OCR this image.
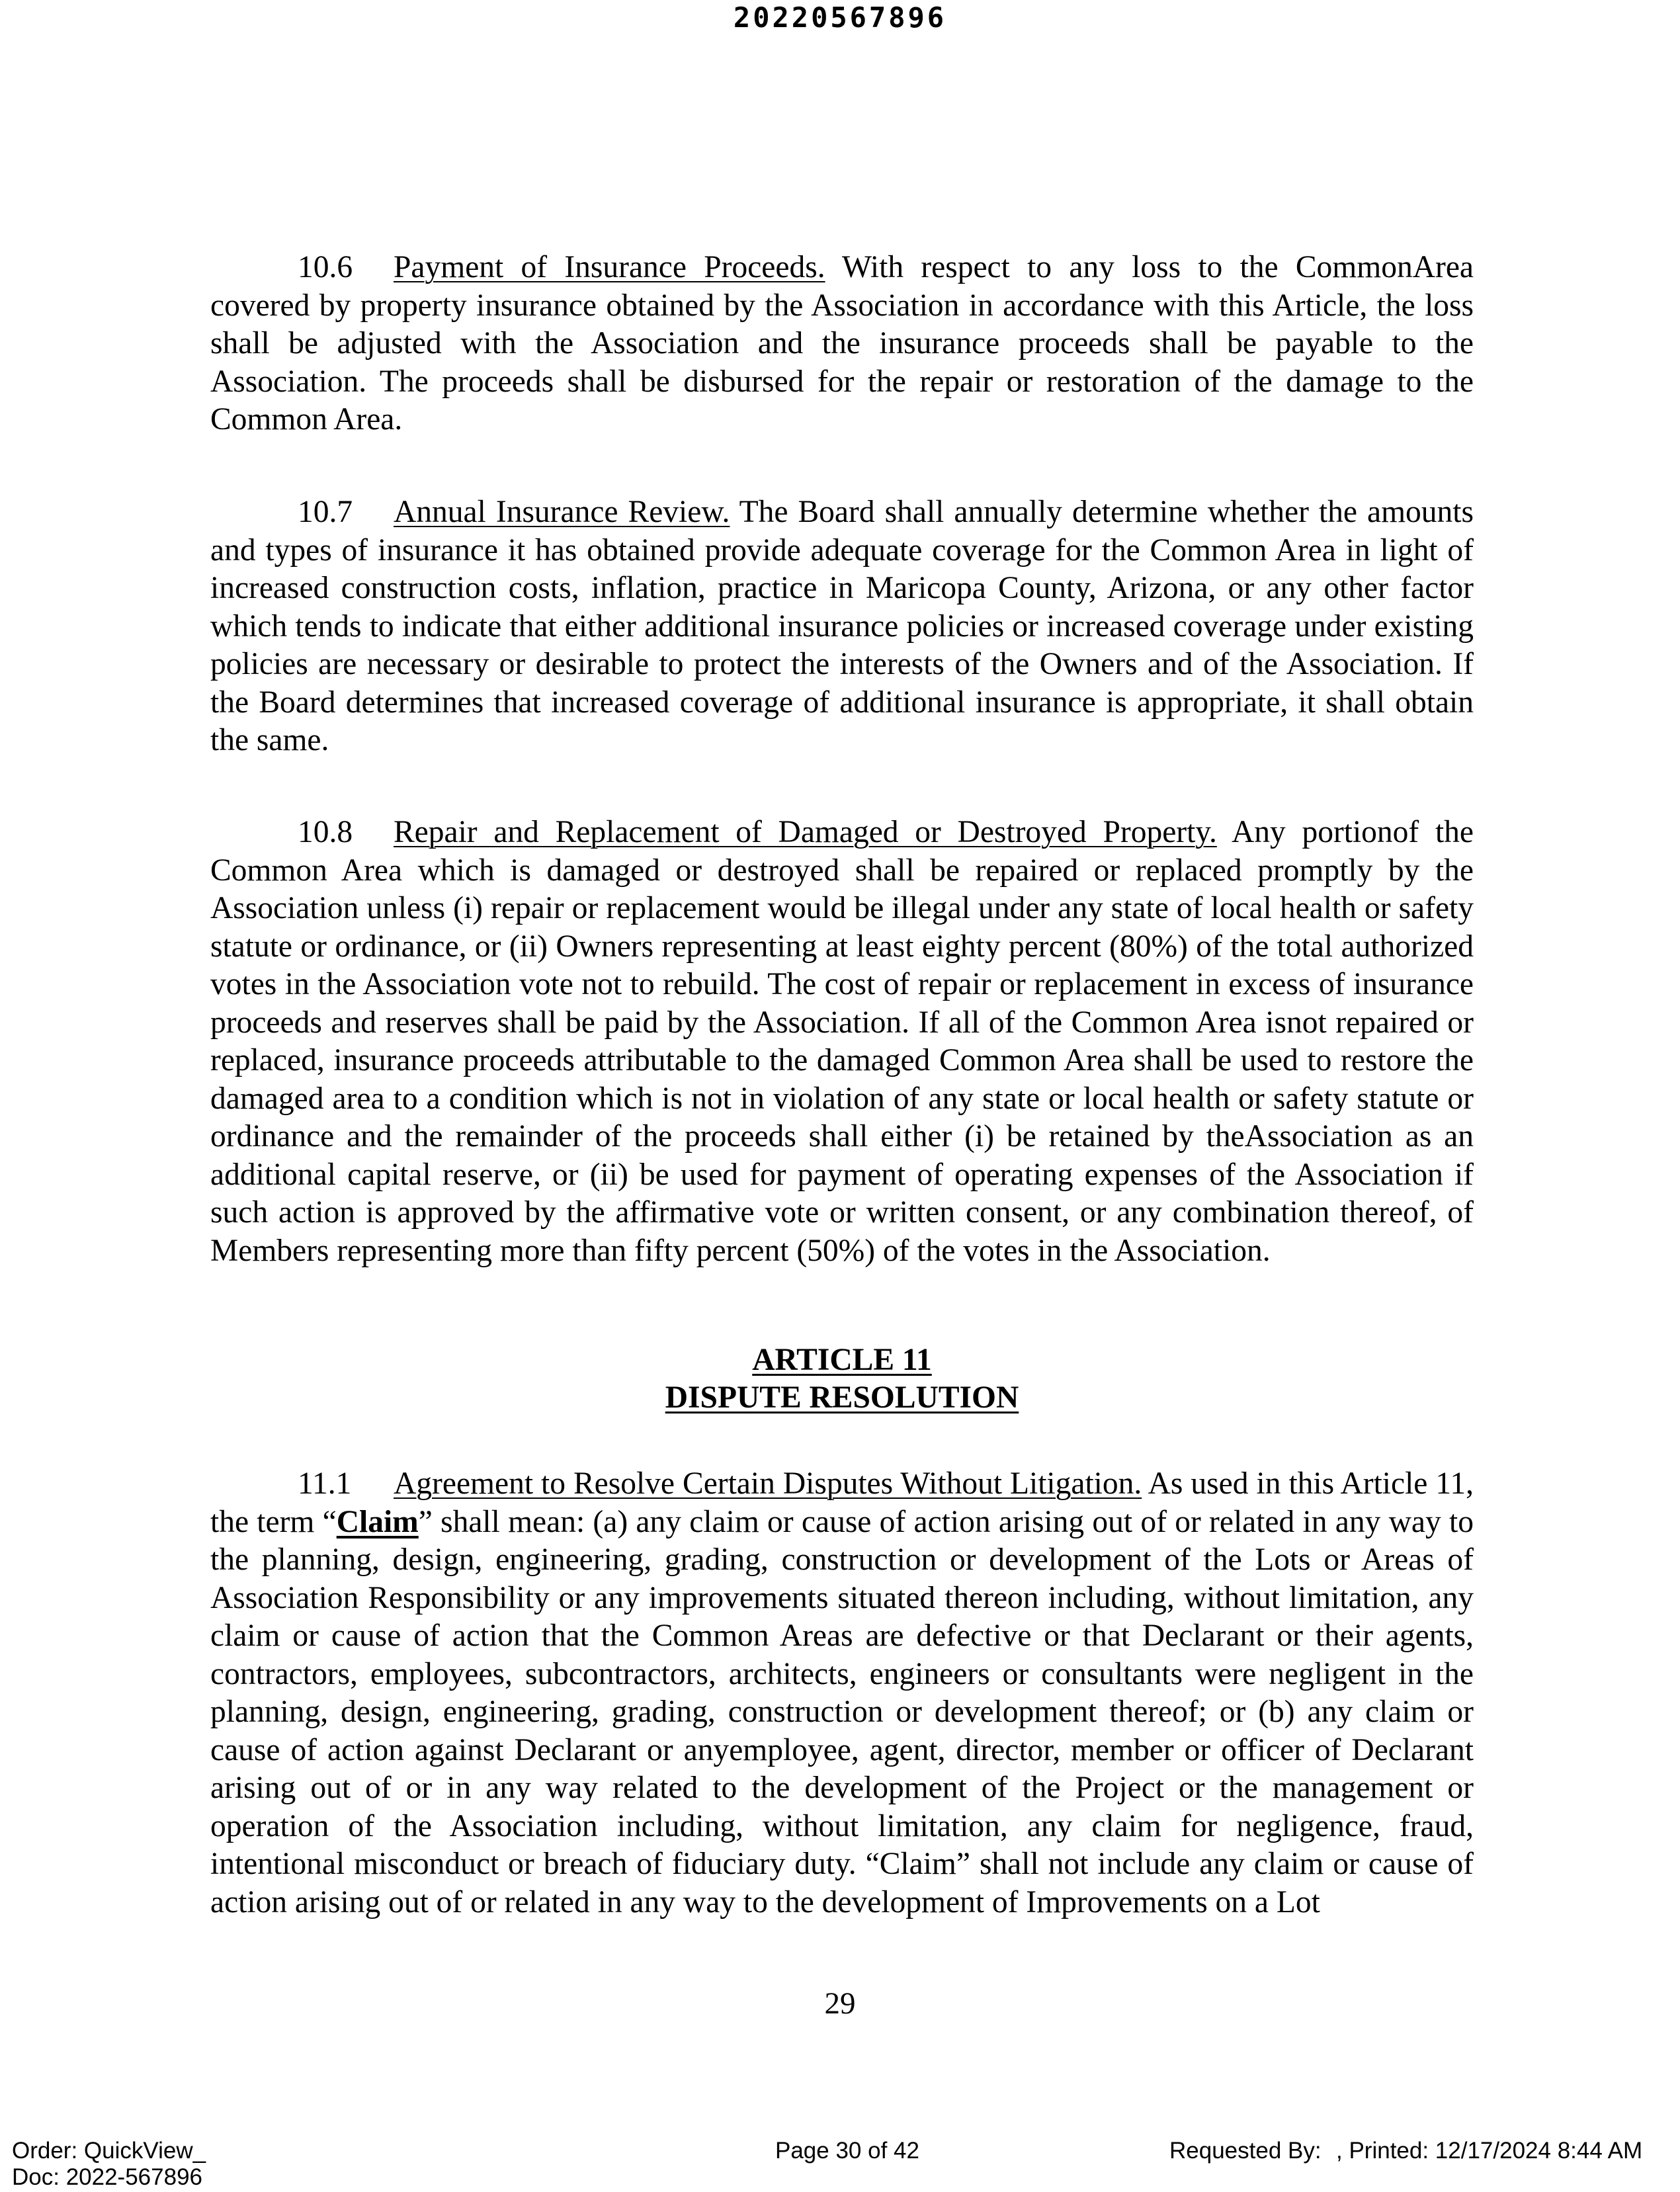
20220567896

10.6 Payment of Insurance Proceeds. With respect to any loss to the CommonArea covered by property insurance obtained by the Association in accordance with this Article, the loss shall be adjusted with the Association and the insurance proceeds shall be payable to the Association. The proceeds shall be disbursed for the repair or restoration of the damage to the Common Area.

10.7 Annual Insurance Review. The Board shall annually determine whether the amounts and types of insurance it has obtained provide adequate coverage for the Common Area in light of increased construction costs, inflation, practice in Maricopa County, Arizona, or any other factor which tends to indicate that either additional insurance policies or increased coverage under existing policies are necessary or desirable to protect the interests of the Owners and of the Association. If the Board determines that increased coverage of additional insurance is appropriate, it shall obtain the same.

10.8 Repair and Replacement of Damaged or Destroyed Property. Any portionof the Common Area which is damaged or destroyed shall be repaired or replaced promptly by the Association unless (i) repair or replacement would be illegal under any state of local health or safety statute or ordinance, or (ii) Owners representing at least eighty percent (80%) of the total authorized votes in the Association vote not to rebuild. The cost of repair or replacement in excess of insurance proceeds and reserves shall be paid by the Association. If all of the Common Area isnot repaired or replaced, insurance proceeds attributable to the damaged Common Area shall be used to restore the damaged area to a condition which is not in violation of any state or local health or safety statute or ordinance and the remainder of the proceeds shall either (i) be retained by theAssociation as an additional capital reserve, or (ii) be used for payment of operating expenses of the Association if such action is approved by the affirmative vote or written consent, or any combination thereof, of Members representing more than fifty percent (50%) of the votes in the Association.

ARTICLE 11
DISPUTE RESOLUTION

11.1 Agreement to Resolve Certain Disputes Without Litigation. As used in this Article 11, the term “Claim” shall mean: (a) any claim or cause of action arising out of or related in any way to the planning, design, engineering, grading, construction or development of the Lots or Areas of Association Responsibility or any improvements situated thereon including, without limitation, any claim or cause of action that the Common Areas are defective or that Declarant or their agents, contractors, employees, subcontractors, architects, engineers or consultants were negligent in the planning, design, engineering, grading, construction or development thereof; or (b) any claim or cause of action against Declarant or anyemployee, agent, director, member or officer of Declarant arising out of or in any way related to the development of the Project or the management or operation of the Association including, without limitation, any claim for negligence, fraud, intentional misconduct or breach of fiduciary duty. “Claim” shall not include any claim or cause of action arising out of or related in any way to the development of Improvements on a Lot

29
Order: QuickView_
Doc: 2022-567896
Page 30 of 42	Requested By: , Printed: 12/17/2024 8:44 AM
